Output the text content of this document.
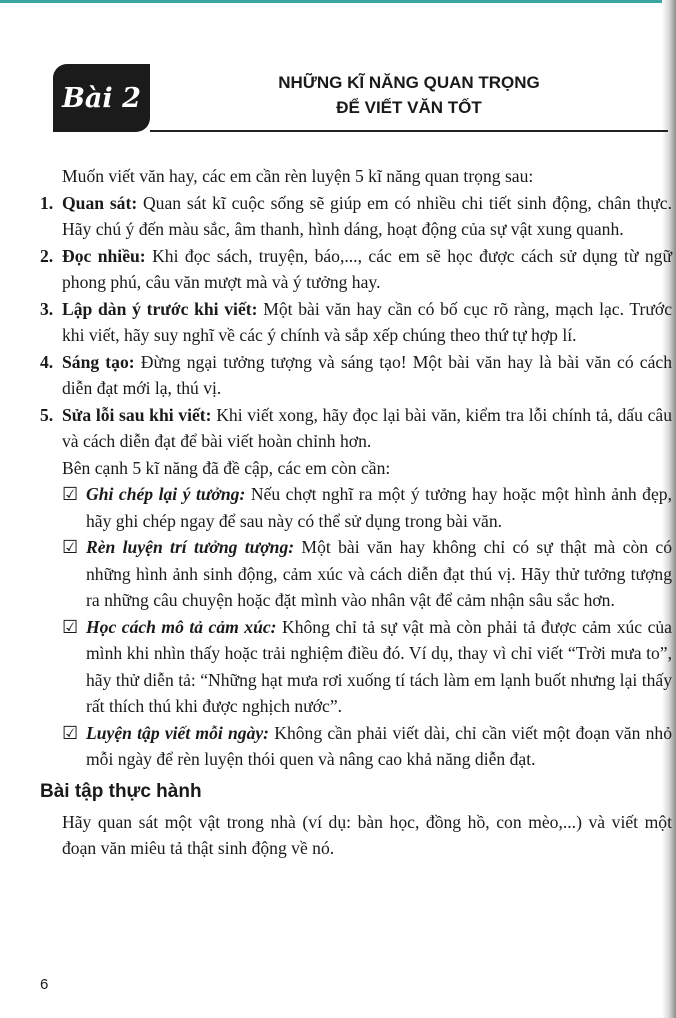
Bài 2	NHỮNG KĨ NĂNG QUAN TRỌNG
ĐỂ VIẾT VĂN TỐT

Muốn viết văn hay, các em cần rèn luyện 5 kĩ năng quan trọng sau:

1. Quan sát: Quan sát kĩ cuộc sống sẽ giúp em có nhiều chi tiết sinh động, chân thực. Hãy chú ý đến màu sắc, âm thanh, hình dáng, hoạt động của sự vật xung quanh.

2. Đọc nhiều: Khi đọc sách, truyện, báo,..., các em sẽ học được cách sử dụng từ ngữ phong phú, câu văn mượt mà và ý tưởng hay.

3. Lập dàn ý trước khi viết: Một bài văn hay cần có bố cục rõ ràng, mạch lạc. Trước khi viết, hãy suy nghĩ về các ý chính và sắp xếp chúng theo thứ tự hợp lí.

4. Sáng tạo: Đừng ngại tưởng tượng và sáng tạo! Một bài văn hay là bài văn có cách diễn đạt mới lạ, thú vị.

5. Sửa lỗi sau khi viết: Khi viết xong, hãy đọc lại bài văn, kiểm tra lỗi chính tả, dấu câu và cách diễn đạt để bài viết hoàn chỉnh hơn.

Bên cạnh 5 kĩ năng đã đề cập, các em còn cần:

☑ Ghi chép lại ý tưởng: Nếu chợt nghĩ ra một ý tưởng hay hoặc một hình ảnh đẹp, hãy ghi chép ngay để sau này có thể sử dụng trong bài văn.

☑ Rèn luyện trí tưởng tượng: Một bài văn hay không chỉ có sự thật mà còn có những hình ảnh sinh động, cảm xúc và cách diễn đạt thú vị. Hãy thử tưởng tượng ra những câu chuyện hoặc đặt mình vào nhân vật để cảm nhận sâu sắc hơn.

☑ Học cách mô tả cảm xúc: Không chỉ tả sự vật mà còn phải tả được cảm xúc của mình khi nhìn thấy hoặc trải nghiệm điều đó. Ví dụ, thay vì chỉ viết “Trời mưa to”, hãy thử diễn tả: “Những hạt mưa rơi xuống tí tách làm em lạnh buốt nhưng lại thấy rất thích thú khi được nghịch nước”.

☑ Luyện tập viết mỗi ngày: Không cần phải viết dài, chỉ cần viết một đoạn văn nhỏ mỗi ngày để rèn luyện thói quen và nâng cao khả năng diễn đạt.

Bài tập thực hành

Hãy quan sát một vật trong nhà (ví dụ: bàn học, đồng hồ, con mèo,...) và viết một đoạn văn miêu tả thật sinh động về nó.

6
